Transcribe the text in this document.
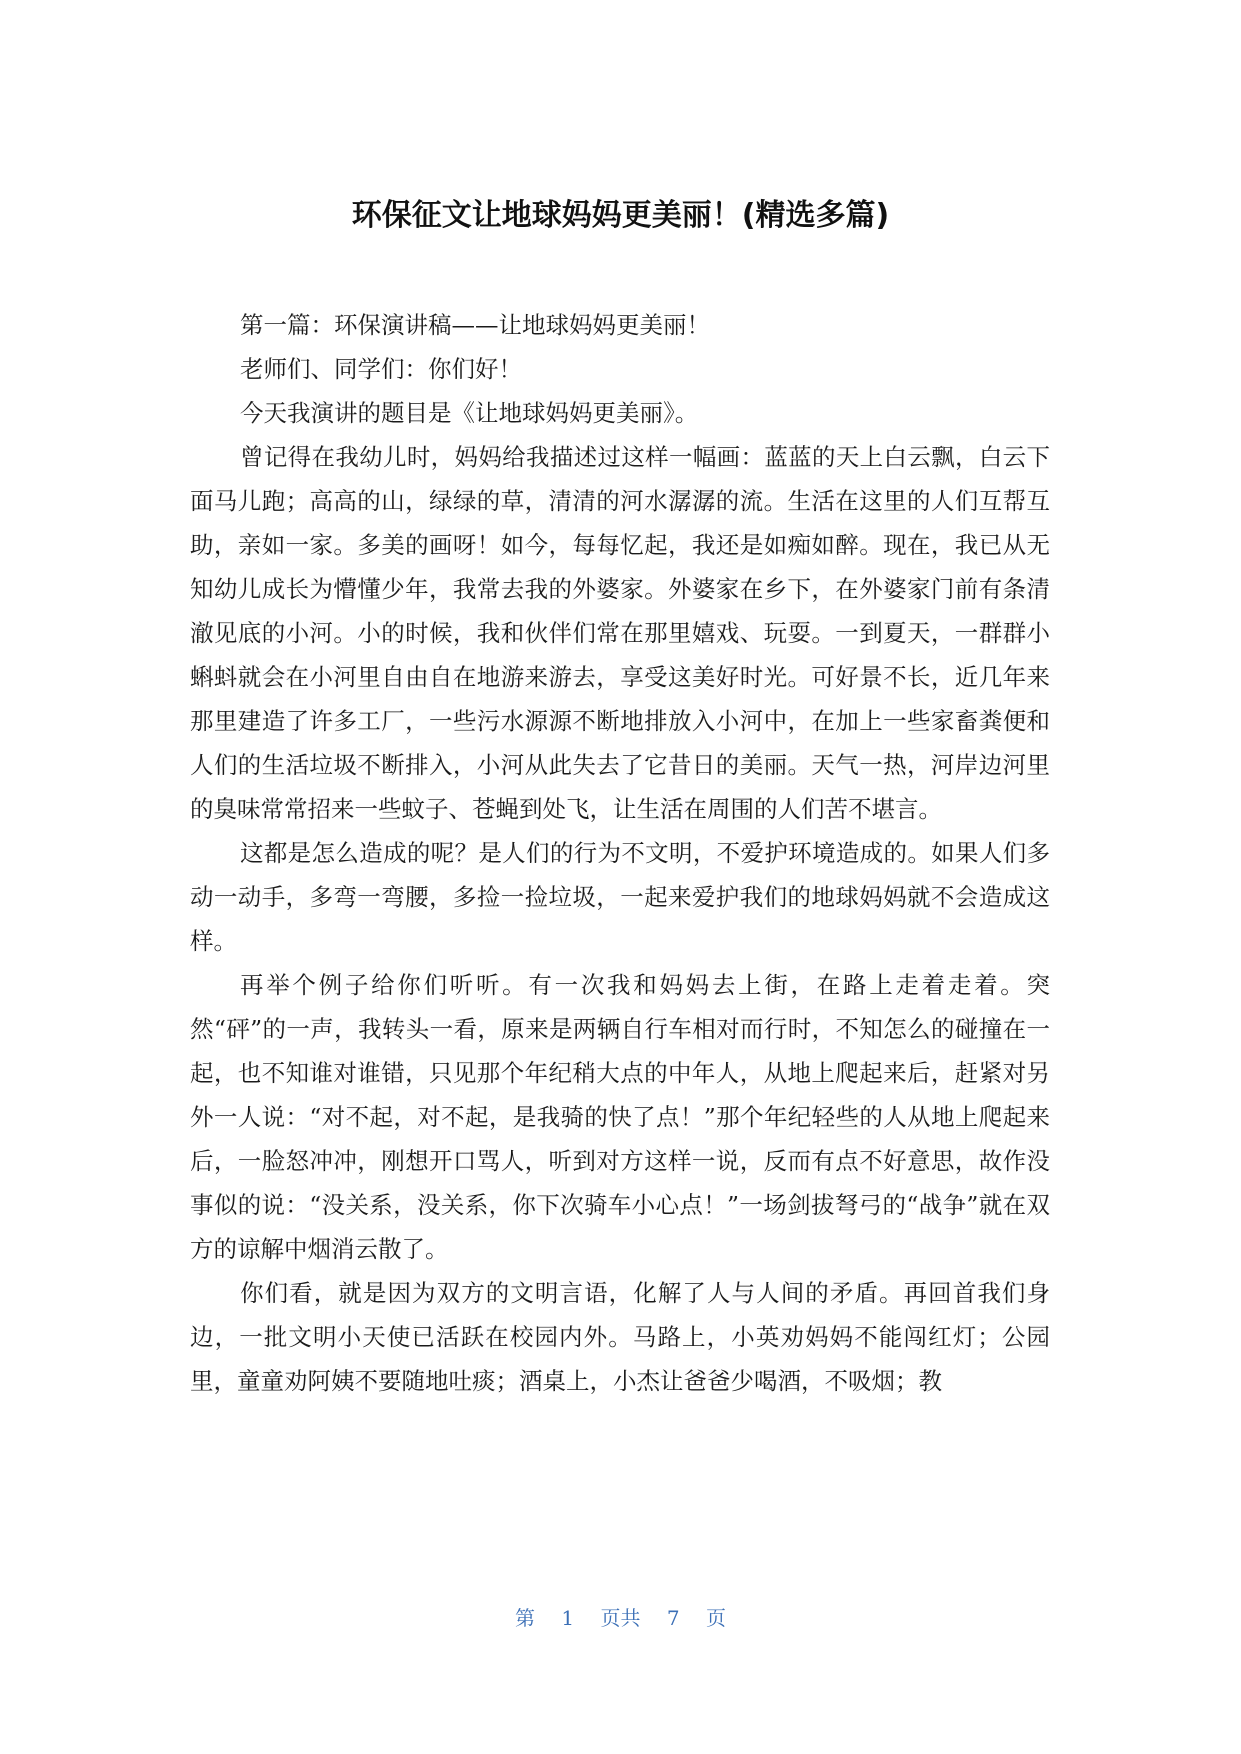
环保征文让地球妈妈更美丽！(精选多篇)

第一篇：环保演讲稿——让地球妈妈更美丽！

老师们、同学们：你们好！

今天我演讲的题目是《让地球妈妈更美丽》。

曾记得在我幼儿时，妈妈给我描述过这样一幅画：蓝蓝的天上白云飘，白云下面马儿跑；高高的山，绿绿的草，清清的河水潺潺的流。生活在这里的人们互帮互助，亲如一家。多美的画呀！如今，每每忆起，我还是如痴如醉。现在，我已从无知幼儿成长为懵懂少年，我常去我的外婆家。外婆家在乡下，在外婆家门前有条清澈见底的小河。小的时候，我和伙伴们常在那里嬉戏、玩耍。一到夏天，一群群小蝌蚪就会在小河里自由自在地游来游去，享受这美好时光。可好景不长，近几年来那里建造了许多工厂，一些污水源源不断地排放入小河中，在加上一些家畜粪便和人们的生活垃圾不断排入，小河从此失去了它昔日的美丽。天气一热，河岸边河里的臭味常常招来一些蚊子、苍蝇到处飞，让生活在周围的人们苦不堪言。

这都是怎么造成的呢？是人们的行为不文明，不爱护环境造成的。如果人们多动一动手，多弯一弯腰，多捡一捡垃圾，一起来爱护我们的地球妈妈就不会造成这样。

再举个例子给你们听听。有一次我和妈妈去上街，在路上走着走着。突然“砰”的一声，我转头一看，原来是两辆自行车相对而行时，不知怎么的碰撞在一起，也不知谁对谁错，只见那个年纪稍大点的中年人，从地上爬起来后，赶紧对另外一人说：“对不起，对不起，是我骑的快了点！”那个年纪轻些的人从地上爬起来后，一脸怒冲冲，刚想开口骂人，听到对方这样一说，反而有点不好意思，故作没事似的说：“没关系，没关系，你下次骑车小心点！”一场剑拔弩弓的“战争”就在双方的谅解中烟消云散了。

你们看，就是因为双方的文明言语，化解了人与人间的矛盾。再回首我们身边，一批文明小天使已活跃在校园内外。马路上，小英劝妈妈不能闯红灯；公园里，童童劝阿姨不要随地吐痰；酒桌上，小杰让爸爸少喝酒，不吸烟；教

第 1 页共 7 页
